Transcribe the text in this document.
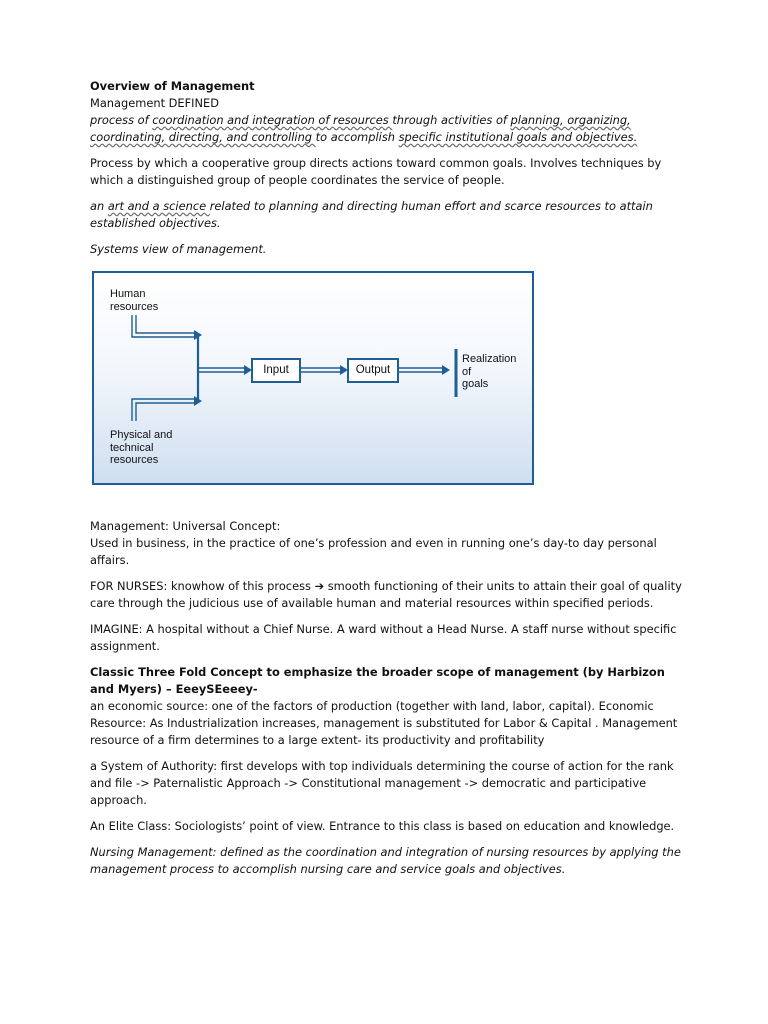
Overview of Management

Management DEFINED

process of coordination and integration of resources through activities of planning, organizing,
coordinating, directing, and controlling to accomplish specific institutional goals and objectives.

Process by which a cooperative group directs actions toward common goals. Involves techniques by which a distinguished group of people coordinates the service of people.

an art and a science related to planning and directing human effort and scarce resources to attain established objectives.

Systems view of management.

Human
resources
Physical and
technical
resources
Input	Output
Realization
of
goals

Management: Universal Concept:

Used in business, in the practice of one’s profession and even in running one’s day-to day personal affairs.

FOR NURSES: knowhow of this process ➔ smooth functioning of their units to attain their goal of quality care through the judicious use of available human and material resources within specified periods.

IMAGINE: A hospital without a Chief Nurse. A ward without a Head Nurse. A staff nurse without specific assignment.

Classic Three Fold Concept to emphasize the broader scope of management (by Harbizon and Myers) – EeeySEeeey-

an economic source: one of the factors of production (together with land, labor, capital). Economic Resource: As Industrialization increases, management is substituted for Labor & Capital . Management resource of a firm determines to a large extent- its productivity and profitability

a System of Authority: first develops with top individuals determining the course of action for the rank and file -> Paternalistic Approach -> Constitutional management -> democratic and participative approach.

An Elite Class: Sociologists’ point of view. Entrance to this class is based on education and knowledge.

Nursing Management: defined as the coordination and integration of nursing resources by applying the management process to accomplish nursing care and service goals and objectives.
